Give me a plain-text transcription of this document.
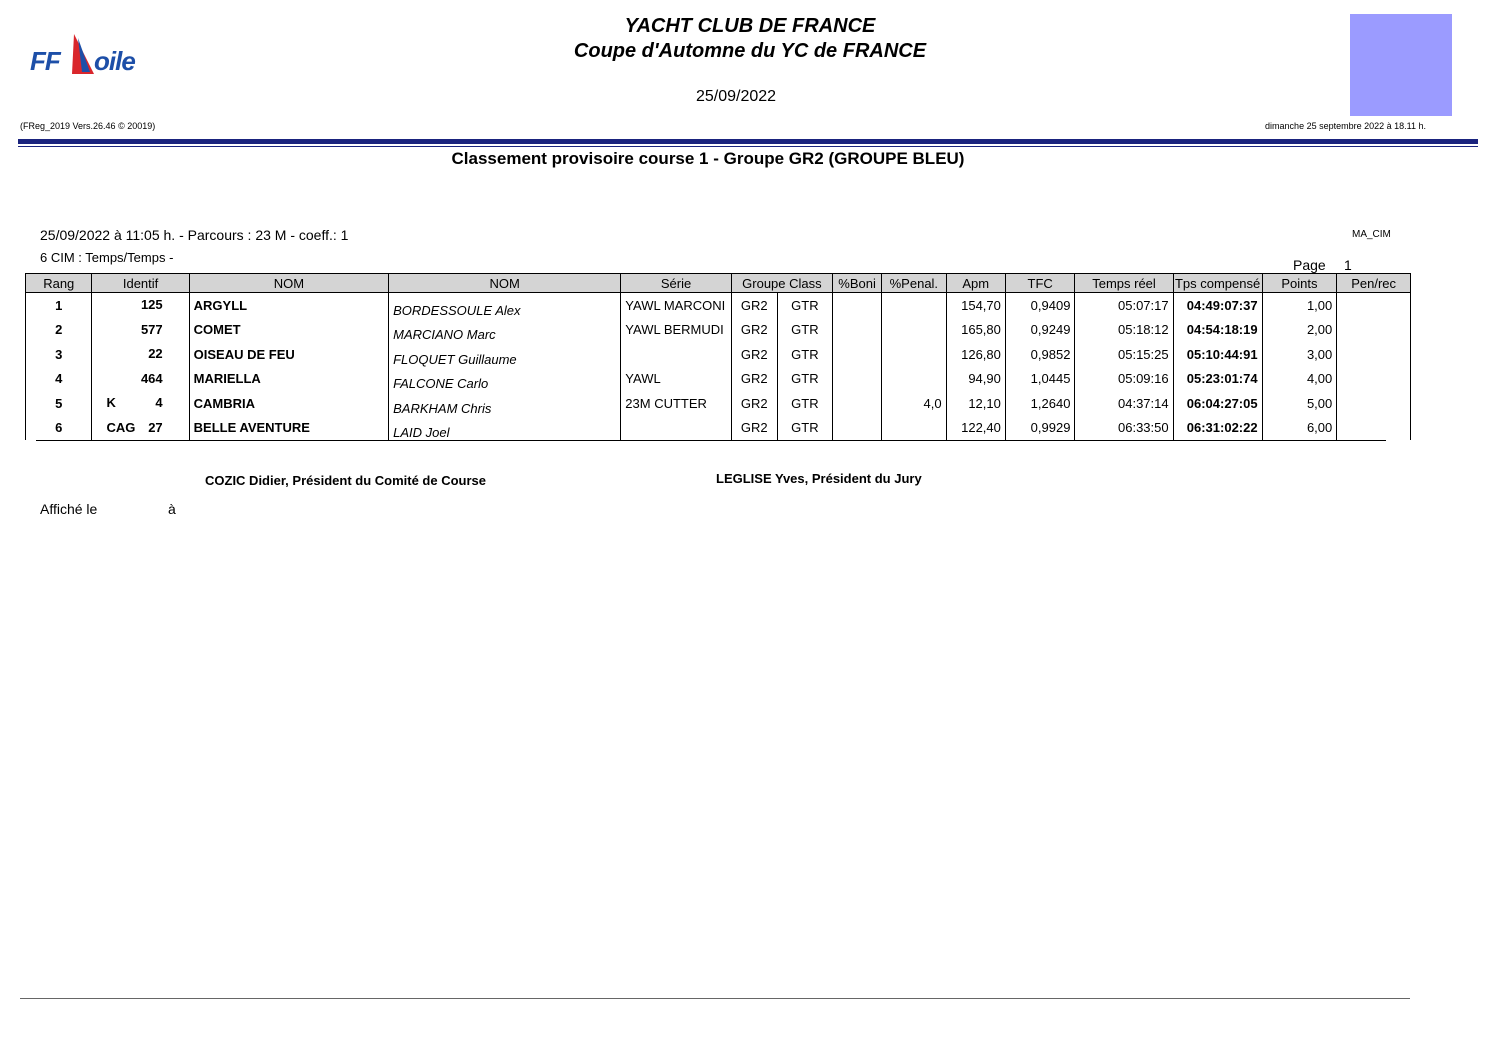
FF oile
YACHT CLUB DE FRANCE
Coupe d'Automne du YC de FRANCE
25/09/2022
(FReg_2019 Vers.26.46 © 20019)	dimanche 25 septembre 2022 à 18.11 h.
Classement provisoire course 1 - Groupe GR2 (GROUPE BLEU)
25/09/2022 à 11:05 h. - Parcours : 23 M - coeff.: 1	MA_CIM
6 CIM : Temps/Temps -	Page 1
Rang	Identif	NOM	NOM	Série	Groupe Class		%Boni	%Penal.	Apm	TFC	Temps réel	Tps compensé	Points	Pen/rec
1	125	ARGYLL	BORDESSOULE Alex	YAWL MARCONI	GR2	GTR			154,70	0,9409	05:07:17	04:49:07:37	1,00	
2	577	COMET	MARCIANO Marc	YAWL BERMUDI	GR2	GTR			165,80	0,9249	05:18:12	04:54:18:19	2,00	
3	22	OISEAU DE FEU	FLOQUET Guillaume		GR2	GTR			126,80	0,9852	05:15:25	05:10:44:91	3,00	
4	464	MARIELLA	FALCONE Carlo	YAWL	GR2	GTR			94,90	1,0445	05:09:16	05:23:01:74	4,00	
5	K 4	CAMBRIA	BARKHAM Chris	23M CUTTER	GR2	GTR		4,0	12,10	1,2640	04:37:14	06:04:27:05	5,00	
6	CAG 27	BELLE AVENTURE	LAID Joel		GR2	GTR			122,40	0,9929	06:33:50	06:31:02:22	6,00	
COZIC Didier, Président du Comité de Course	LEGLISE Yves, Président du Jury
Affiché le	à
